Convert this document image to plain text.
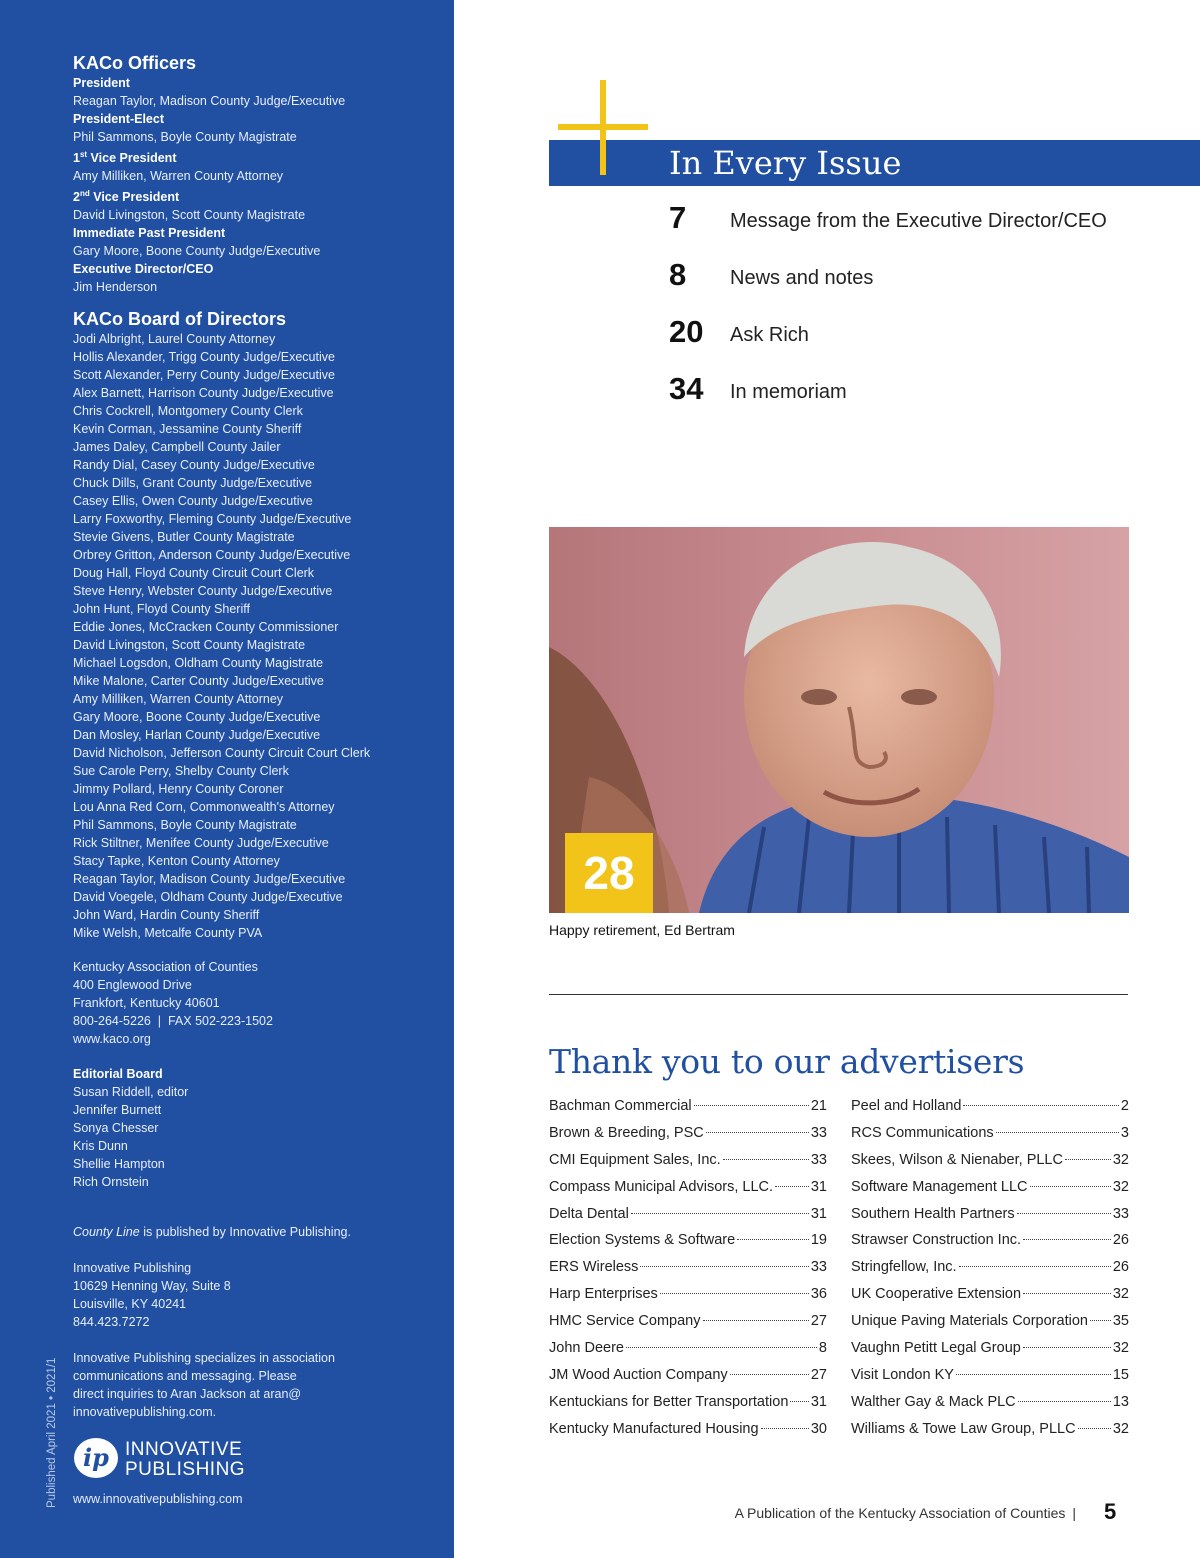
KACo Officers
President
Reagan Taylor, Madison County Judge/Executive
President-Elect
Phil Sammons, Boyle County Magistrate
1st Vice President
Amy Milliken, Warren County Attorney
2nd Vice President
David Livingston, Scott County Magistrate
Immediate Past President
Gary Moore, Boone County Judge/Executive
Executive Director/CEO
Jim Henderson
KACo Board of Directors
Jodi Albright, Laurel County Attorney
Hollis Alexander, Trigg County Judge/Executive
Scott Alexander, Perry County Judge/Executive
Alex Barnett, Harrison County Judge/Executive
Chris Cockrell, Montgomery County Clerk
Kevin Corman, Jessamine County Sheriff
James Daley, Campbell County Jailer
Randy Dial, Casey County Judge/Executive
Chuck Dills, Grant County Judge/Executive
Casey Ellis, Owen County Judge/Executive
Larry Foxworthy, Fleming County Judge/Executive
Stevie Givens, Butler County Magistrate
Orbrey Gritton, Anderson County Judge/Executive
Doug Hall, Floyd County Circuit Court Clerk
Steve Henry, Webster County Judge/Executive
John Hunt, Floyd County Sheriff
Eddie Jones, McCracken County Commissioner
David Livingston, Scott County Magistrate
Michael Logsdon, Oldham County Magistrate
Mike Malone, Carter County Judge/Executive
Amy Milliken, Warren County Attorney
Gary Moore, Boone County Judge/Executive
Dan Mosley, Harlan County Judge/Executive
David Nicholson, Jefferson County Circuit Court Clerk
Sue Carole Perry, Shelby County Clerk
Jimmy Pollard, Henry County Coroner
Lou Anna Red Corn, Commonwealth's Attorney
Phil Sammons, Boyle County Magistrate
Rick Stiltner, Menifee County Judge/Executive
Stacy Tapke, Kenton County Attorney
Reagan Taylor, Madison County Judge/Executive
David Voegele, Oldham County Judge/Executive
John Ward, Hardin County Sheriff
Mike Welsh, Metcalfe County PVA
Kentucky Association of Counties
400 Englewood Drive
Frankfort, Kentucky 40601
800-264-5226  |  FAX 502-223-1502
www.kaco.org
Editorial Board
Susan Riddell, editor
Jennifer Burnett
Sonya Chesser
Kris Dunn
Shellie Hampton
Rich Ornstein
County Line is published by Innovative Publishing.
Innovative Publishing
10629 Henning Way, Suite 8
Louisville, KY 40241
844.423.7272
Innovative Publishing specializes in association
communications and messaging. Please
direct inquiries to Aran Jackson at aran@
innovativepublishing.com.
ip INNOVATIVE
PUBLISHING
www.innovativepublishing.com
Published April 2021 • 2021/1
In Every Issue
7 Message from the Executive Director/CEO
8 News and notes
20 Ask Rich
34 In memoriam
28
Happy retirement, Ed Bertram
Thank you to our advertisers
Bachman Commercial	21
Brown & Breeding, PSC	33
CMI Equipment Sales, Inc.	33
Compass Municipal Advisors, LLC.	31
Delta Dental	31
Election Systems & Software	19
ERS Wireless	33
Harp Enterprises	36
HMC Service Company	27
John Deere	8
JM Wood Auction Company	27
Kentuckians for Better Transportation 31
Kentucky Manufactured Housing	30
Peel and Holland	2
RCS Communications	3
Skees, Wilson & Nienaber, PLLC	32
Software Management LLC	32
Southern Health Partners	33
Strawser Construction Inc.	26
Stringfellow, Inc.	26
UK Cooperative Extension	32
Unique Paving Materials Corporation 35
Vaughn Petitt Legal Group	32
Visit London KY	15
Walther Gay & Mack PLC	13
Williams & Towe Law Group, PLLC	32
A Publication of the Kentucky Association of Counties |	5
